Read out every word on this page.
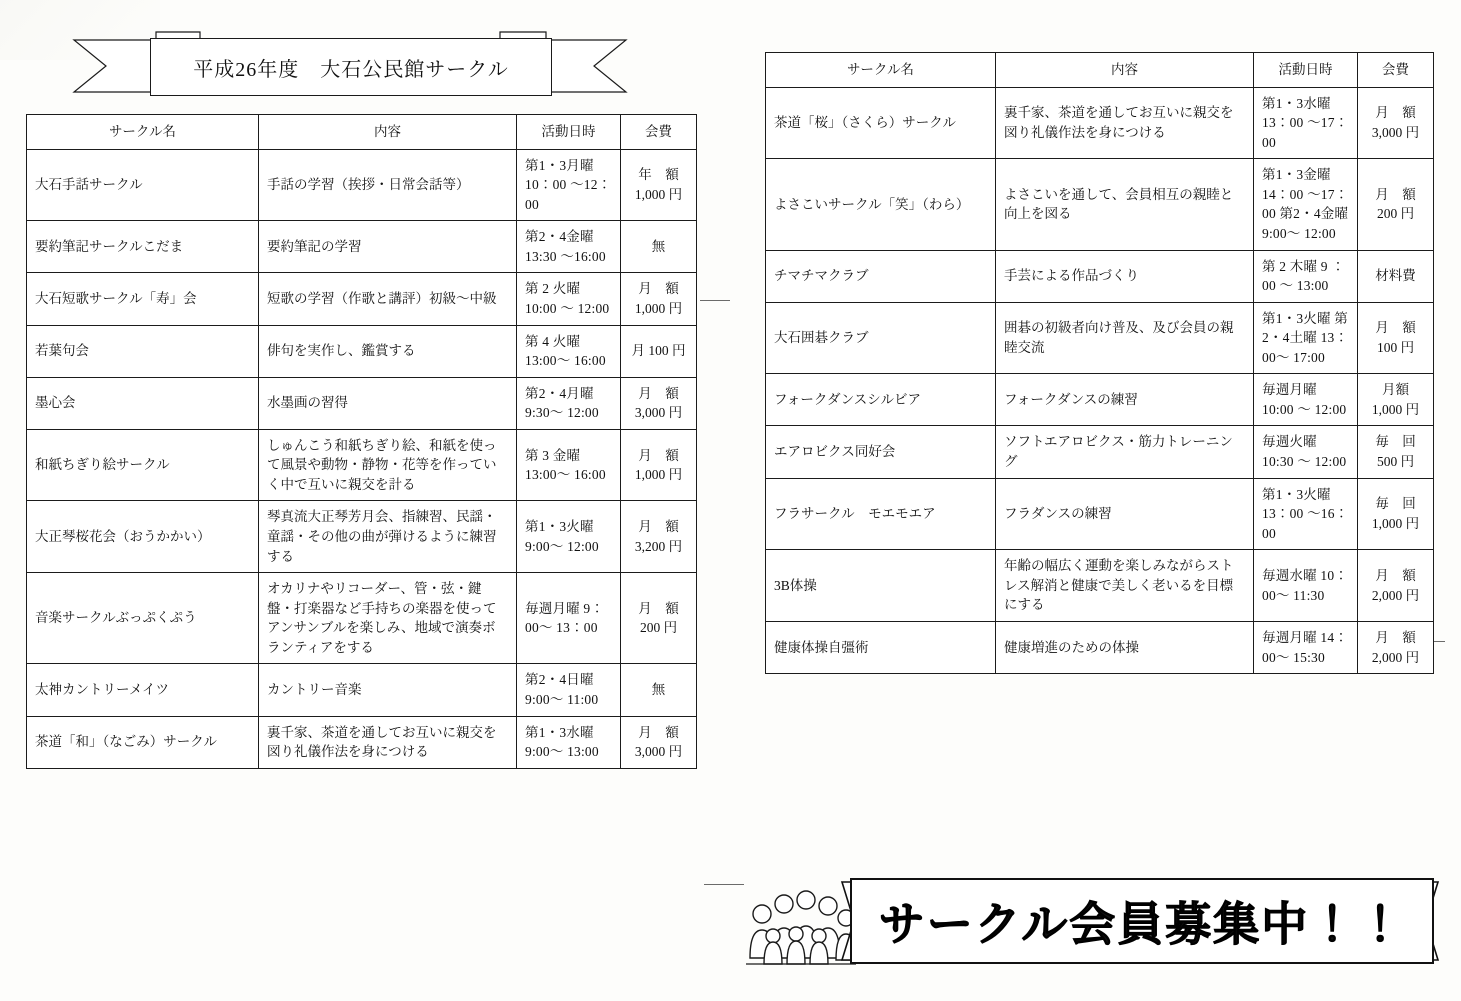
平成26年度　大石公民館サークル
サークル名	内容	活動日時	会費
大石手話サークル	手話の学習（挨拶・日常会話等）	第1・3月曜 10：00 ～12：00	年　額 1,000 円
要約筆記サークルこだま	要約筆記の学習	第2・4金曜 13:30 ～16:00	無
大石短歌サークル「寿」会	短歌の学習（作歌と講評）初級～中級	第 2 火曜 10:00 ～ 12:00	月　額 1,000 円
若葉句会	俳句を実作し、鑑賞する	第 4 火曜 13:00～ 16:00	月 100 円
墨心会	水墨画の習得	第2・4月曜 9:30～ 12:00	月　額 3,000 円
和紙ちぎり絵サークル	しゅんこう和紙ちぎり絵、和紙を使って風景や動物・静物・花等を作っていく中で互いに親交を計る	第 3 金曜 13:00～ 16:00	月　額 1,000 円
大正琴桜花会（おうかかい）	琴真流大正琴芳月会、指練習、民謡・童謡・その他の曲が弾けるように練習する	第1・3火曜 9:00～ 12:00	月　額 3,200 円
音楽サークルぶっぷくぷう	オカリナやリコーダー、管・弦・鍵盤・打楽器など手持ちの楽器を使ってアンサンブルを楽しみ、地域で演奏ボランティアをする	毎週月曜 9：00～ 13：00	月　額 200 円
太神カントリーメイツ	カントリー音楽	第2・4日曜 9:00～ 11:00	無
茶道「和」（なごみ）サークル	裏千家、茶道を通してお互いに親交を図り礼儀作法を身につける	第1・3水曜 9:00～ 13:00	月　額 3,000 円
サークル名	内容	活動日時	会費
茶道「桜」（さくら）サークル	裏千家、茶道を通してお互いに親交を図り礼儀作法を身につける	第1・3水曜 13：00 ～17：00	月　額 3,000 円
よさこいサークル「笑」（わら）	よさこいを通して、会員相互の親睦と向上を図る	第1・3金曜 14：00 ～17：00 第2・4金曜 9:00～ 12:00	月　額 200 円
チマチマクラブ	手芸による作品づくり	第 2 木曜 9 ： 00 ～ 13:00	材料費
大石囲碁クラブ	囲碁の初級者向け普及、及び会員の親睦交流	第1・3火曜 第2・4土曜 13：00～ 17:00	月　額 100 円
フォークダンスシルビア	フォークダンスの練習	毎週月曜 10:00 ～ 12:00	月額 1,000 円
エアロビクス同好会	ソフトエアロビクス・筋力トレーニング	毎週火曜 10:30 ～ 12:00	毎　回 500 円
フラサークル　モエモエア	フラダンスの練習	第1・3火曜 13：00 ～16：00	毎　回 1,000 円
3B体操	年齢の幅広く運動を楽しみながらストレス解消と健康で美しく老いるを目標にする	毎週水曜 10：00～ 11:30	月　額 2,000 円
健康体操自彊術	健康増進のための体操	毎週月曜 14：00～ 15:30	月　額 2,000 円
サークル会員募集中！！
